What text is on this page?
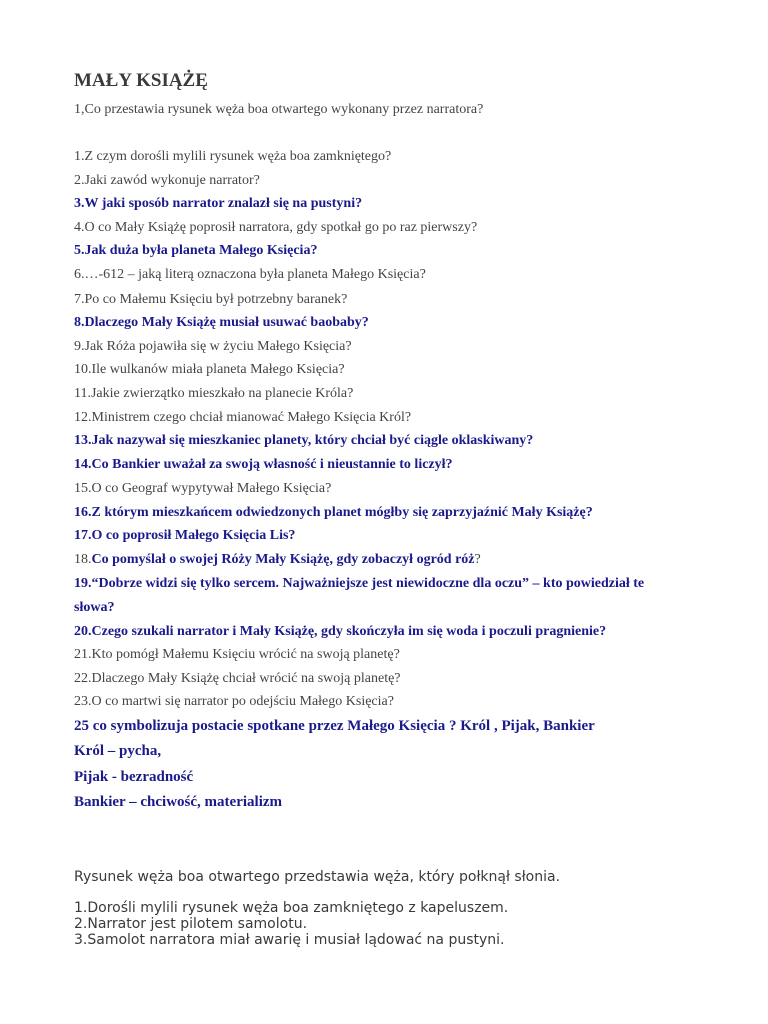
MAŁY KSIĄŻĘ
1,Co przestawia rysunek węża boa otwartego wykonany przez narratora?
1.Z czym dorośli mylili rysunek węża boa zamkniętego?
2.Jaki zawód wykonuje narrator?
3.W jaki sposób narrator znalazł się na pustyni?
4.O co Mały Książę poprosił narratora, gdy spotkał go po raz pierwszy?
5.Jak duża była planeta Małego Księcia?
6.…-612 – jaką literą oznaczona była planeta Małego Księcia?
7.Po co Małemu Księciu był potrzebny baranek?
8.Dlaczego Mały Książę musiał usuwać baobaby?
9.Jak Róża pojawiła się w życiu Małego Księcia?
10.Ile wulkanów miała planeta Małego Księcia?
11.Jakie zwierzątko mieszkało na planecie Króla?
12.Ministrem czego chciał mianować Małego Księcia Król?
13.Jak nazywał się mieszkaniec planety, który chciał być ciągle oklaskiwany?
14.Co Bankier uważał za swoją własność i nieustannie to liczył?
15.O co Geograf wypytywał Małego Księcia?
16.Z którym mieszkańcem odwiedzonych planet mógłby się zaprzyjaźnić Mały Książę?
17.O co poprosił Małego Księcia Lis?
18.Co pomyślał o swojej Róży Mały Książę, gdy zobaczył ogród róż?
19.“Dobrze widzi się tylko sercem. Najważniejsze jest niewidoczne dla oczu” – kto powiedział te
słowa?
20.Czego szukali narrator i Mały Książę, gdy skończyła im się woda i poczuli pragnienie?
21.Kto pomógł Małemu Księciu wrócić na swoją planetę?
22.Dlaczego Mały Książę chciał wrócić na swoją planetę?
23.O co martwi się narrator po odejściu Małego Księcia?
25 co symbolizuja postacie spotkane przez Małego Księcia ? Król , Pijak, Bankier
Król – pycha,
Pijak - bezradność
Bankier – chciwość, materializm
Rysunek węża boa otwartego przedstawia węża, który połknął słonia.
1.Dorośli mylili rysunek węża boa zamkniętego z kapeluszem.
2.Narrator jest pilotem samolotu.
3.Samolot narratora miał awarię i musiał lądować na pustyni.
